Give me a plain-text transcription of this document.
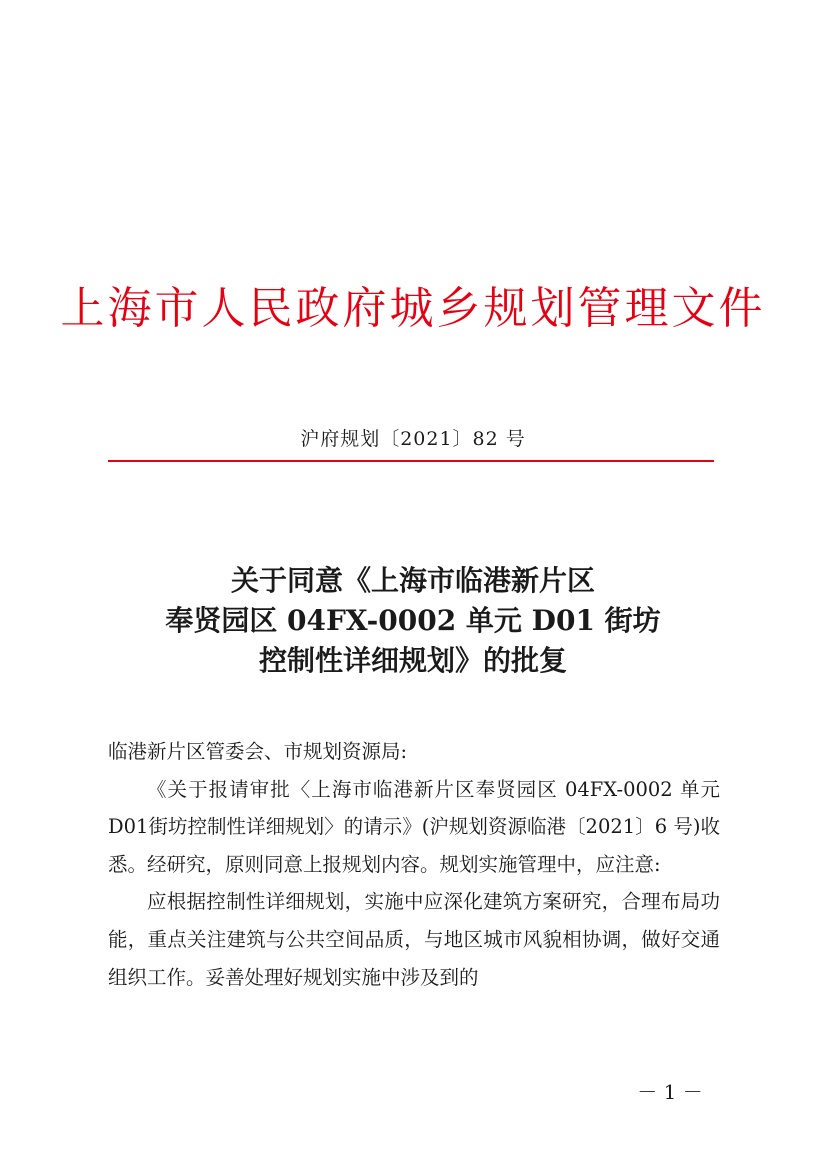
上海市人民政府城乡规划管理文件
沪府规划〔2021〕82 号
关于同意《上海市临港新片区
奉贤园区 04FX-0002 单元 D01 街坊
控制性详细规划》的批复

临港新片区管委会、市规划资源局:

《关于报请审批〈上海市临港新片区奉贤园区 04FX-0002 单元D01街坊控制性详细规划〉的请示》(沪规划资源临港〔2021〕6 号)收悉。经研究，原则同意上报规划内容。规划实施管理中，应注意:

应根据控制性详细规划，实施中应深化建筑方案研究，合理布局功能，重点关注建筑与公共空间品质，与地区城市风貌相协调，做好交通组织工作。妥善处理好规划实施中涉及到的

－ 1 －
